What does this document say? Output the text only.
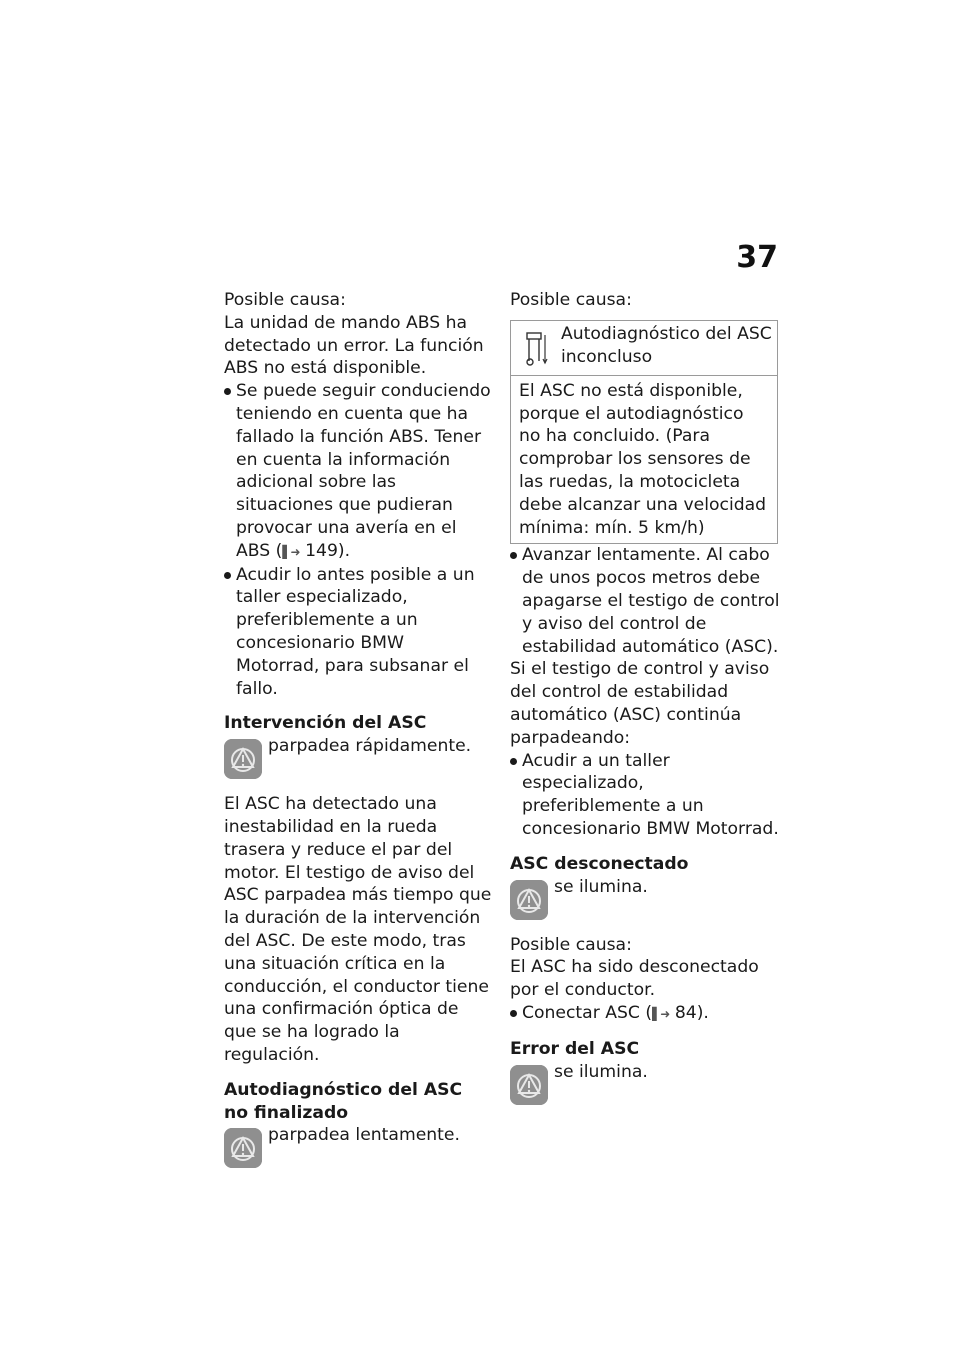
37

Posible causa:

La unidad de mando ABS ha detectado un error. La función ABS no está disponible.

Se puede seguir conduciendo teniendo en cuenta que ha fallado la función ABS. Tener en cuenta la información adicional sobre las situaciones que pudieran provocar una avería en el ABS (▌➜ 149).

Acudir lo antes posible a un taller especializado, preferiblemente a un concesionario BMW Motorrad, para subsanar el fallo.

Intervención del ASC

parpadea rápidamente.

El ASC ha detectado una inestabilidad en la rueda trasera y reduce el par del motor. El testigo de aviso del ASC parpadea más tiempo que la duración de la intervención del ASC. De este modo, tras una situación crítica en la conducción, el conductor tiene una confirmación óptica de que se ha logrado la regulación.

Autodiagnóstico del ASC no finalizado

parpadea lentamente.

Posible causa:

Autodiagnóstico del ASC inconcluso
El ASC no está disponible, porque el autodiagnóstico no ha concluido. (Para comprobar los sensores de las ruedas, la motocicleta debe alcanzar una velocidad mínima: mín. 5 km/h)

Avanzar lentamente. Al cabo de unos pocos metros debe apagarse el testigo de control y aviso del control de estabilidad automático (ASC).

Si el testigo de control y aviso del control de estabilidad automático (ASC) continúa parpadeando:

Acudir a un taller especializado, preferiblemente a un concesionario BMW Motorrad.

ASC desconectado

se ilumina.

Posible causa:

El ASC ha sido desconectado por el conductor.

Conectar ASC (▌➜ 84).

Error del ASC

se ilumina.
